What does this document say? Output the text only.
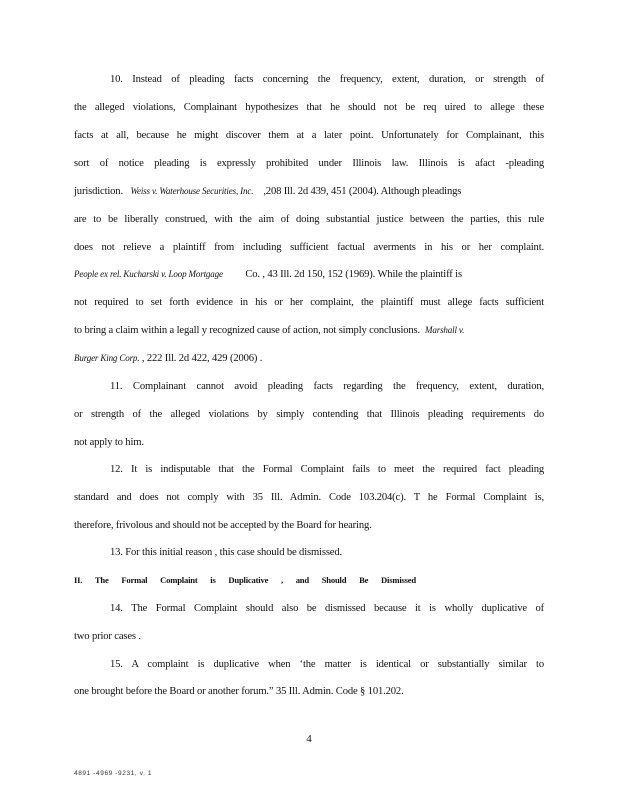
10. Instead of pleading facts concerning the frequency, extent, duration, or strength of
the alleged violations, Complainant hypothesizes that he should not be req uired to allege these
facts at all, because he might discover them at a later point. Unfortunately for Complainant, this
sort of notice pleading is expressly prohibited under Illinois law. Illinois is afact -pleading
jurisdiction. Weiss v. Waterhouse Securities, Inc. ,208 Ill. 2d 439, 451 (2004). Although pleadings
are to be liberally construed, with the aim of doing substantial justice between the parties, this rule
does not relieve a plaintiff from including sufficient factual averments in his or her complaint.
People ex rel. Kucharski v. Loop Mortgage Co. , 43 Ill. 2d 150, 152 (1969). While the plaintiff is
not required to set forth evidence in his or her complaint, the plaintiff must allege facts sufficient
to bring a claim within a legall y recognized cause of action, not simply conclusions. Marshall v.
Burger King Corp. , 222 Ill. 2d 422, 429 (2006) .
11. Complainant cannot avoid pleading facts regarding the frequency, extent, duration,
or strength of the alleged violations by simply contending that Illinois pleading requirements do
not apply to him.
12. It is indisputable that the Formal Complaint fails to meet the required fact pleading
standard and does not comply with 35 Ill. Admin. Code 103.204(c). T he Formal Complaint is,
therefore, frivolous and should not be accepted by the Board for hearing.
13. For this initial reason , this case should be dismissed.
II. The Formal Complaint is Duplicative , and Should Be Dismissed
14. The Formal Complaint should also be dismissed because it is wholly duplicative of
two prior cases .
15. A complaint is duplicative when ‘the matter is identical or substantially similar to
one brought before the Board or another forum.” 35 Ill. Admin. Code § 101.202.
4
4891 -4969 -9231, v. 1
